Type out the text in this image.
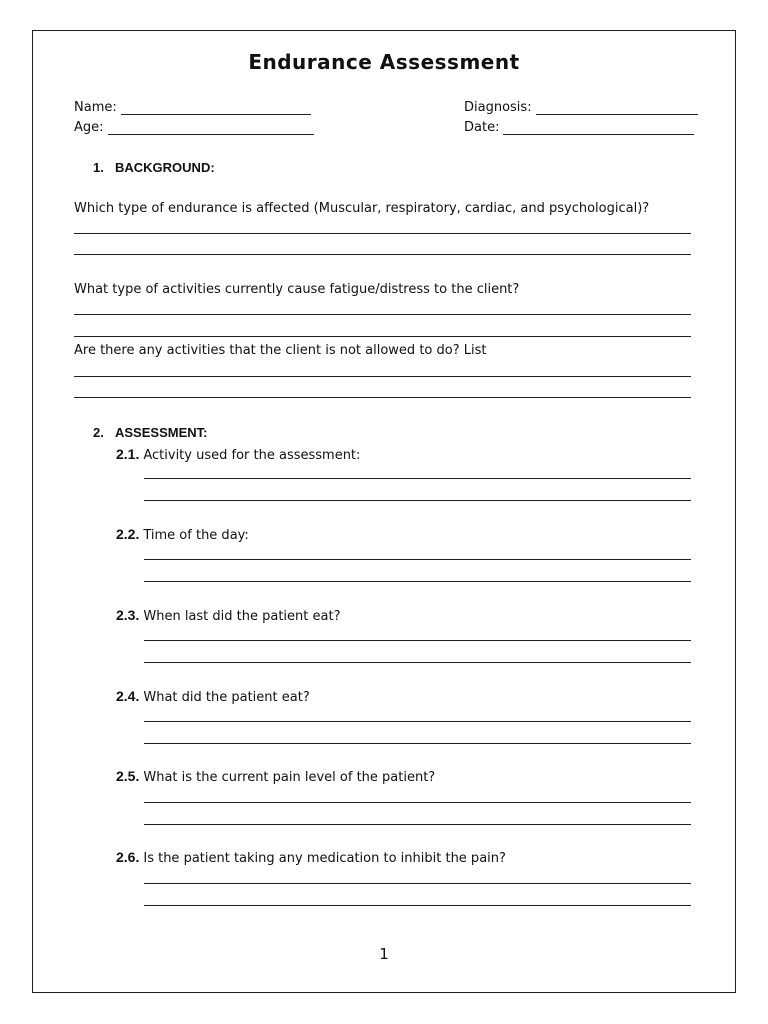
Endurance Assessment
Name:	Diagnosis:
Age:	Date:
1. BACKGROUND:
Which type of endurance is affected (Muscular, respiratory, cardiac, and psychological)?
What type of activities currently cause fatigue/distress to the client?
Are there any activities that the client is not allowed to do? List
2. ASSESSMENT:
2.1. Activity used for the assessment:
2.2. Time of the day:
2.3. When last did the patient eat?
2.4. What did the patient eat?
2.5. What is the current pain level of the patient?
2.6. Is the patient taking any medication to inhibit the pain?
1
